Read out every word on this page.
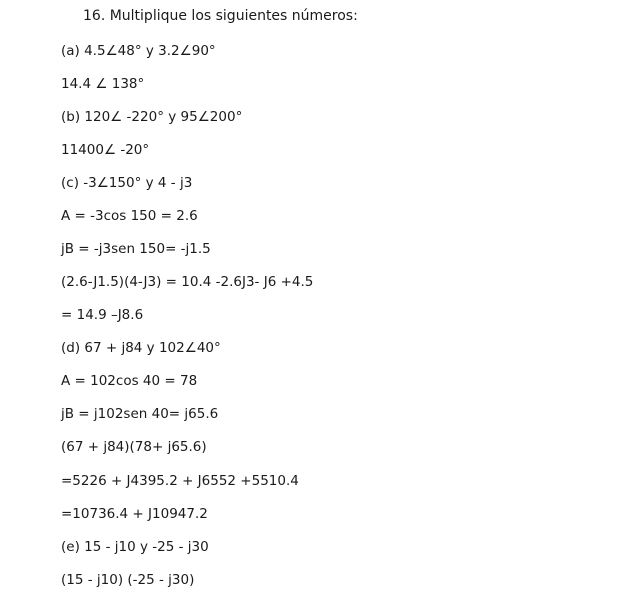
16. Multiplique los siguientes números:
(a) 4.5∠48° y 3.2∠90°
14.4 ∠ 138°
(b) 120∠ -220° y 95∠200°
11400∠ -20°
(c) -3∠150° y 4 - j3
A = -3cos 150 = 2.6
jB = -j3sen 150= -j1.5
(2.6-J1.5)(4-J3) = 10.4 -2.6J3- J6 +4.5
= 14.9 –J8.6
(d) 67 + j84 y 102∠40°
A = 102cos 40 = 78
jB = j102sen 40= j65.6
(67 + j84)(78+ j65.6)
=5226 + J4395.2 + J6552 +5510.4
=10736.4 + J10947.2
(e) 15 - j10 y -25 - j30
(15 - j10) (-25 - j30)
